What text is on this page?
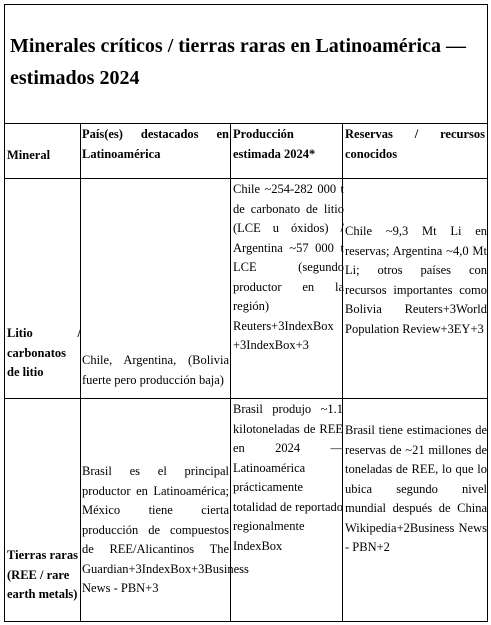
Minerales críticos / tierras raras en Latinoamérica — estimados 2024
Mineral
País(es) destacados en Latinoamérica
Producción estimada 2024*
Reservas / recursos conocidos
Litio / carbonatos de litio
Chile, Argentina, (Bolivia fuerte pero producción baja)
Chile ~254-282 000 t de carbonato de litio (LCE u óxidos) / Argentina ~57 000 t LCE (segundo productor en la región) Reuters+3IndexBox +3IndexBox+3
Chile ~9,3 Mt Li en reservas; Argentina ~4,0 Mt Li; otros países con recursos importantes como Bolivia Reuters+3World Population Review+3EY+3
Tierras raras (REE / rare earth metals)
Brasil es el principal productor en Latinoamérica; México tiene cierta producción de compuestos de REE/Alicantinos The Guardian+3IndexBox+3Business News - PBN+3
Brasil produjo ~1.1 kilotoneladas de REE en 2024 — Latinoamérica prácticamente totalidad de reportado regionalmente IndexBox
Brasil tiene estimaciones de reservas de ~21 millones de toneladas de REE, lo que lo ubica segundo nivel mundial después de China Wikipedia+2Business News - PBN+2
